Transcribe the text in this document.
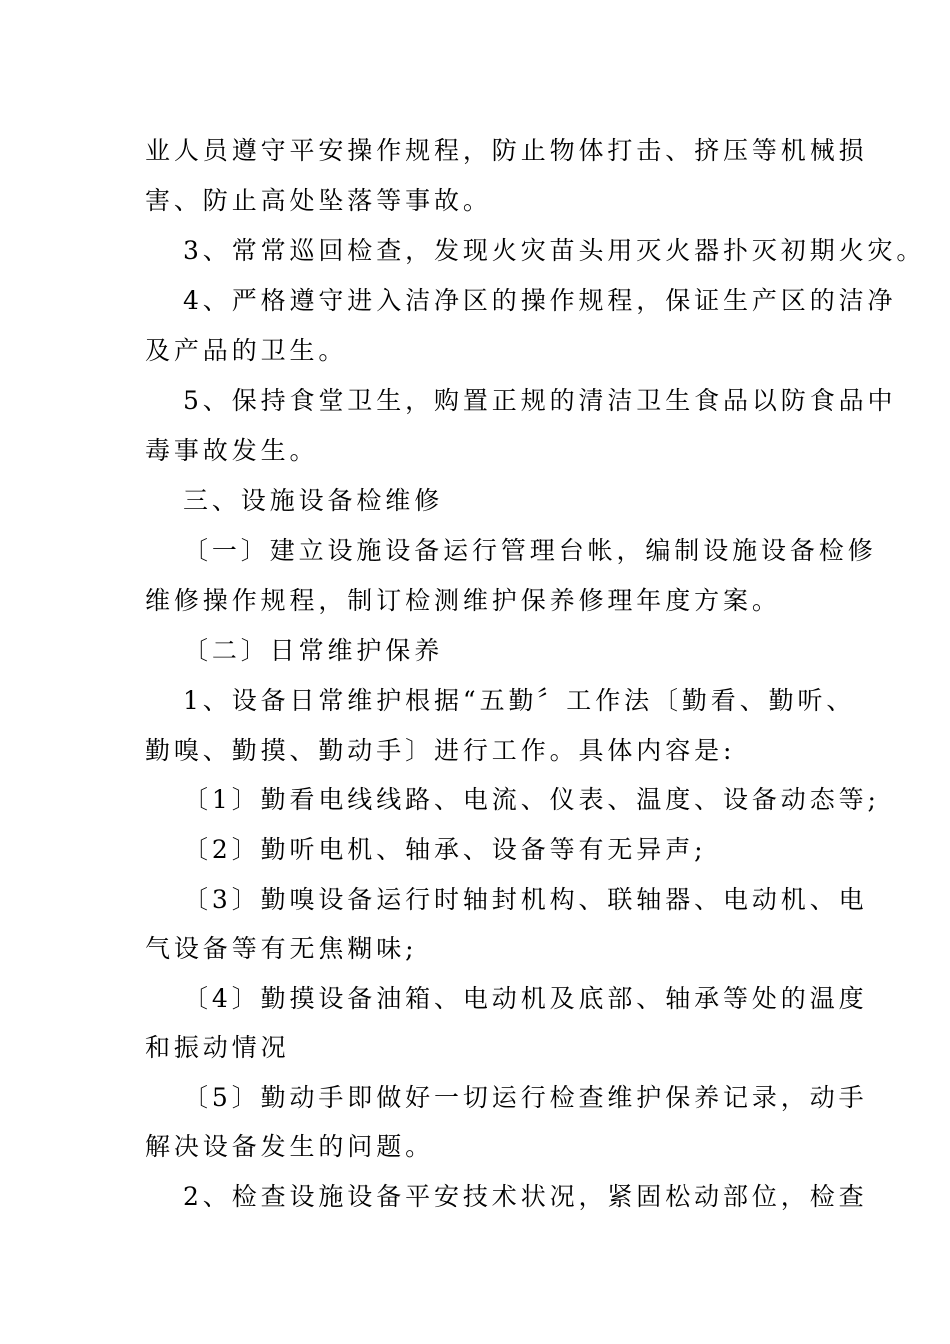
业人员遵守平安操作规程，防止物体打击、挤压等机械损
害、防止高处坠落等事故。
3、常常巡回检查，发现火灾苗头用灭火器扑灭初期火灾。
4、严格遵守进入洁净区的操作规程，保证生产区的洁净
及产品的卫生。
5、保持食堂卫生，购置正规的清洁卫生食品以防食品中
毒事故发生。
三、设施设备检维修
〔一〕建立设施设备运行管理台帐，编制设施设备检修
维修操作规程，制订检测维护保养修理年度方案。
〔二〕日常维护保养
1、设备日常维护根据“五勤〞工作法〔勤看、勤听、
勤嗅、勤摸、勤动手〕进行工作。具体内容是:
〔1〕勤看电线线路、电流、仪表、温度、设备动态等;
〔2〕勤听电机、轴承、设备等有无异声;
〔3〕勤嗅设备运行时轴封机构、联轴器、电动机、电
气设备等有无焦糊味;
〔4〕勤摸设备油箱、电动机及底部、轴承等处的温度
和振动情况
〔5〕勤动手即做好一切运行检查维护保养记录，动手
解决设备发生的问题。
2、检查设施设备平安技术状况，紧固松动部位，检查
